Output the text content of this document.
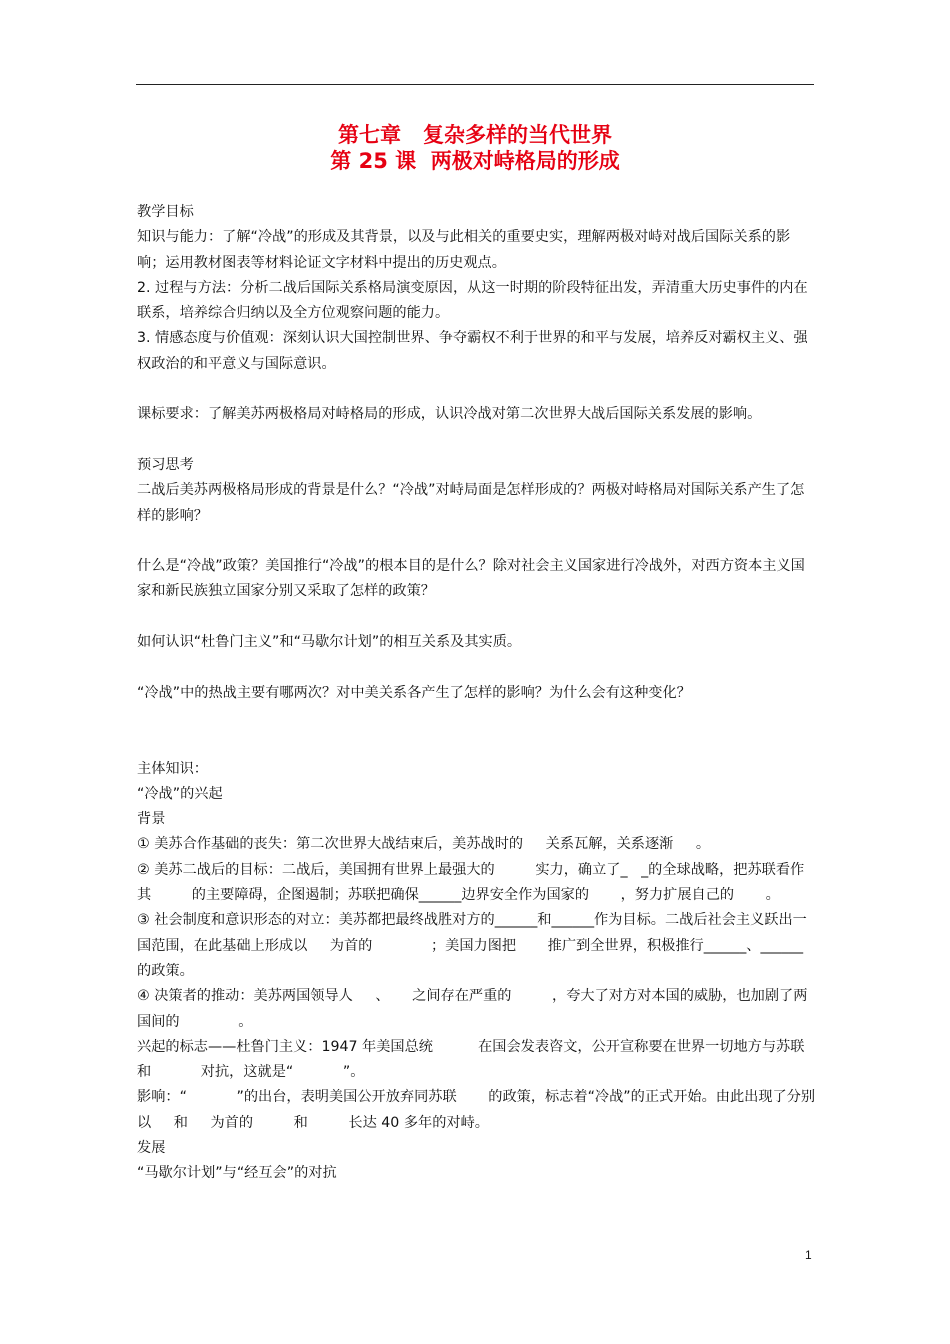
第七章   复杂多样的当代世界
第 25 课  两极对峙格局的形成

教学目标

知识与能力：了解“冷战”的形成及其背景，以及与此相关的重要史实，理解两极对峙对战后国际关系的影响；运用教材图表等材料论证文字材料中提出的历史观点。

2. 过程与方法：分析二战后国际关系格局演变原因，从这一时期的阶段特征出发，弄清重大历史事件的内在联系，培养综合归纳以及全方位观察问题的能力。

3. 情感态度与价值观：深刻认识大国控制世界、争夺霸权不利于世界的和平与发展，培养反对霸权主义、强权政治的和平意义与国际意识。

课标要求：了解美苏两极格局对峙格局的形成，认识冷战对第二次世界大战后国际关系发展的影响。

预习思考

二战后美苏两极格局形成的背景是什么？“冷战”对峙局面是怎样形成的？两极对峙格局对国际关系产生了怎样的影响？

什么是“冷战”政策？美国推行“冷战”的根本目的是什么？除对社会主义国家进行冷战外，对西方资本主义国家和新民族独立国家分别又采取了怎样的政策？

如何认识“杜鲁门主义”和“马歇尔计划”的相互关系及其实质。

“冷战”中的热战主要有哪两次？对中美关系各产生了怎样的影响？为什么会有这种变化？

主体知识：

“冷战”的兴起

背景

① 美苏合作基础的丧失：第二次世界大战结束后，美苏战时的     关系瓦解，关系逐渐     。

② 美苏二战后的目标：二战后，美国拥有世界上最强大的         实力，确立了_   _的全球战略，把苏联看作其         的主要障碍，企图遏制；苏联把确保______边界安全作为国家的       ，努力扩展自己的       。

③ 社会制度和意识形态的对立：美苏都把最终战胜对方的______和______作为目标。二战后社会主义跃出一国范围，在此基础上形成以     为首的             ；美国力图把       推广到全世界，积极推行______、______的政策。

④ 决策者的推动：美苏两国领导人     、     之间存在严重的         ，夸大了对方对本国的威胁，也加剧了两国间的             。

兴起的标志——杜鲁门主义：1947 年美国总统          在国会发表咨文，公开宣称要在世界一切地方与苏联和           对抗，这就是“           ”。

影响：“           ”的出台，表明美国公开放弃同苏联       的政策，标志着“冷战”的正式开始。由此出现了分别以     和     为首的         和         长达 40 多年的对峙。

发展

“马歇尔计划”与“经互会”的对抗

1
